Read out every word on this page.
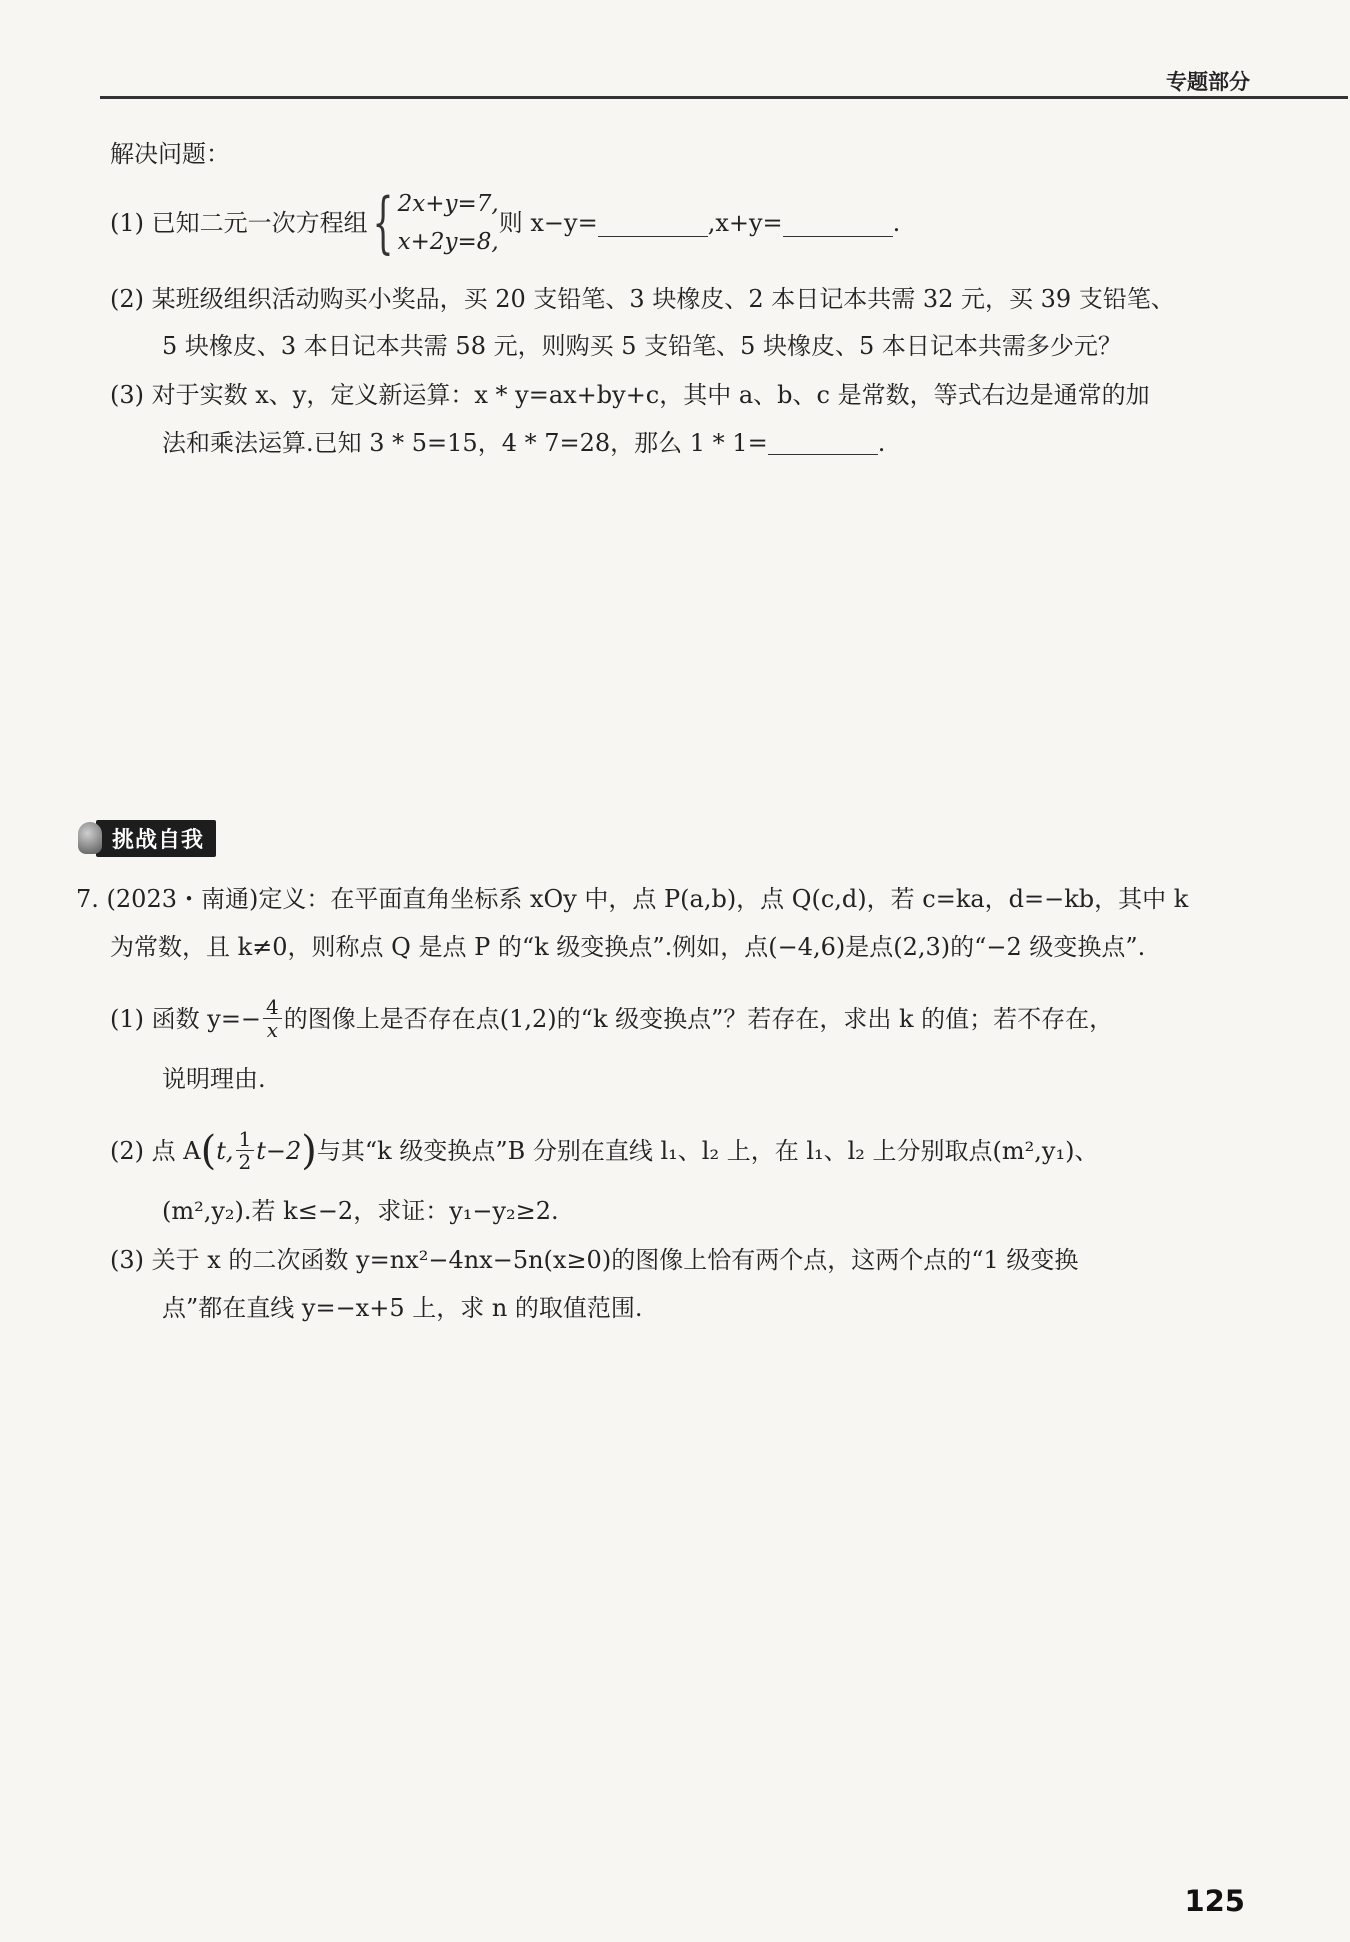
专题部分
解决问题：
(1)
已知二元一次方程组 { 2x+y=7,
x+2y=8,
则 x−y=	,x+y=	.
(2) 某班级组织活动购买小奖品，买 20 支铅笔、3 块橡皮、2 本日记本共需 32 元，买 39 支铅笔、
5 块橡皮、3 本日记本共需 58 元，则购买 5 支铅笔、5 块橡皮、5 本日记本共需多少元？
(3) 对于实数 x、y，定义新运算：x * y=ax+by+c，其中 a、b、c 是常数，等式右边是通常的加
法和乘法运算.已知 3 * 5=15，4 * 7=28，那么 1 * 1=	.
挑战自我
7. (2023・南通)定义：在平面直角坐标系 xOy 中，点 P(a,b)，点 Q(c,d)，若 c=ka，d=−kb，其中 k
为常数，且 k≠0，则称点 Q 是点 P 的“k 级变换点”.例如，点(−4,6)是点(2,3)的“−2 级变换点”.
(1)
函数 $y=- \frac{4}{x}$ 的图像上是否存在点(1,2)的“k 级变换点”？若存在，求出 k 的值；若不存在，
说明理由.
(2)
点 A ( t, $\frac{1}{2} t-2$ ) 与其“k 级变换点”B 分别在直线 l₁、l₂ 上，在 l₁、l₂ 上分别取点(m²,y₁)、
(m²,y₂).若 k≤−2，求证：y₁−y₂≥2.
(3) 关于 x 的二次函数 y=nx²−4nx−5n(x≥0)的图像上恰有两个点，这两个点的“1 级变换
点”都在直线 y=−x+5 上，求 n 的取值范围.
125
